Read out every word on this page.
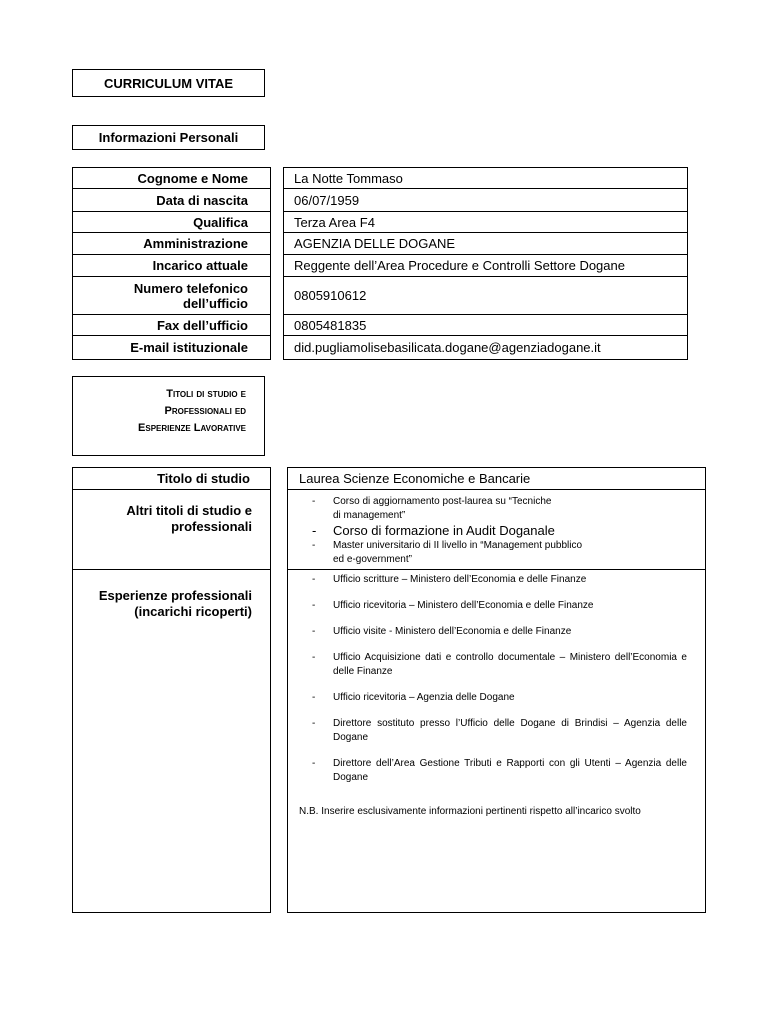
CURRICULUM VITAE
Informazioni Personali
Cognome e Nome
Data di nascita
Qualifica
Amministrazione
Incarico attuale
Numero telefonico
dell’ufficio
Fax dell’ufficio
E-mail istituzionale
La Notte Tommaso
06/07/1959
Terza Area F4
AGENZIA DELLE DOGANE
Reggente dell’Area Procedure e Controlli Settore Dogane
0805910612
0805481835
did.pugliamolisebasilicata.dogane@agenziadogane.it
Titoli di studio e
Professionali ed
Esperienze Lavorative
Titolo di studio
Altri titoli di studio e
professionali
Esperienze professionali
(incarichi ricoperti)
Laurea Scienze Economiche e Bancarie
- Corso di aggiornamento post-laurea su “Tecniche
di management”
- Corso di formazione in Audit Doganale
- Master universitario di II livello in “Management pubblico
ed e-government”
- Ufficio scritture – Ministero dell’Economia e delle Finanze
- Ufficio ricevitoria – Ministero dell’Economia e delle Finanze
- Ufficio visite - Ministero dell’Economia e delle Finanze
- Ufficio Acquisizione dati e controllo documentale – Ministero dell’Economia e delle Finanze
- Ufficio ricevitoria – Agenzia delle Dogane
- Direttore sostituto presso l’Ufficio delle Dogane di Brindisi – Agenzia delle Dogane
- Direttore dell’Area Gestione Tributi e Rapporti con gli Utenti – Agenzia delle Dogane
N.B. Inserire esclusivamente informazioni pertinenti rispetto all’incarico svolto
